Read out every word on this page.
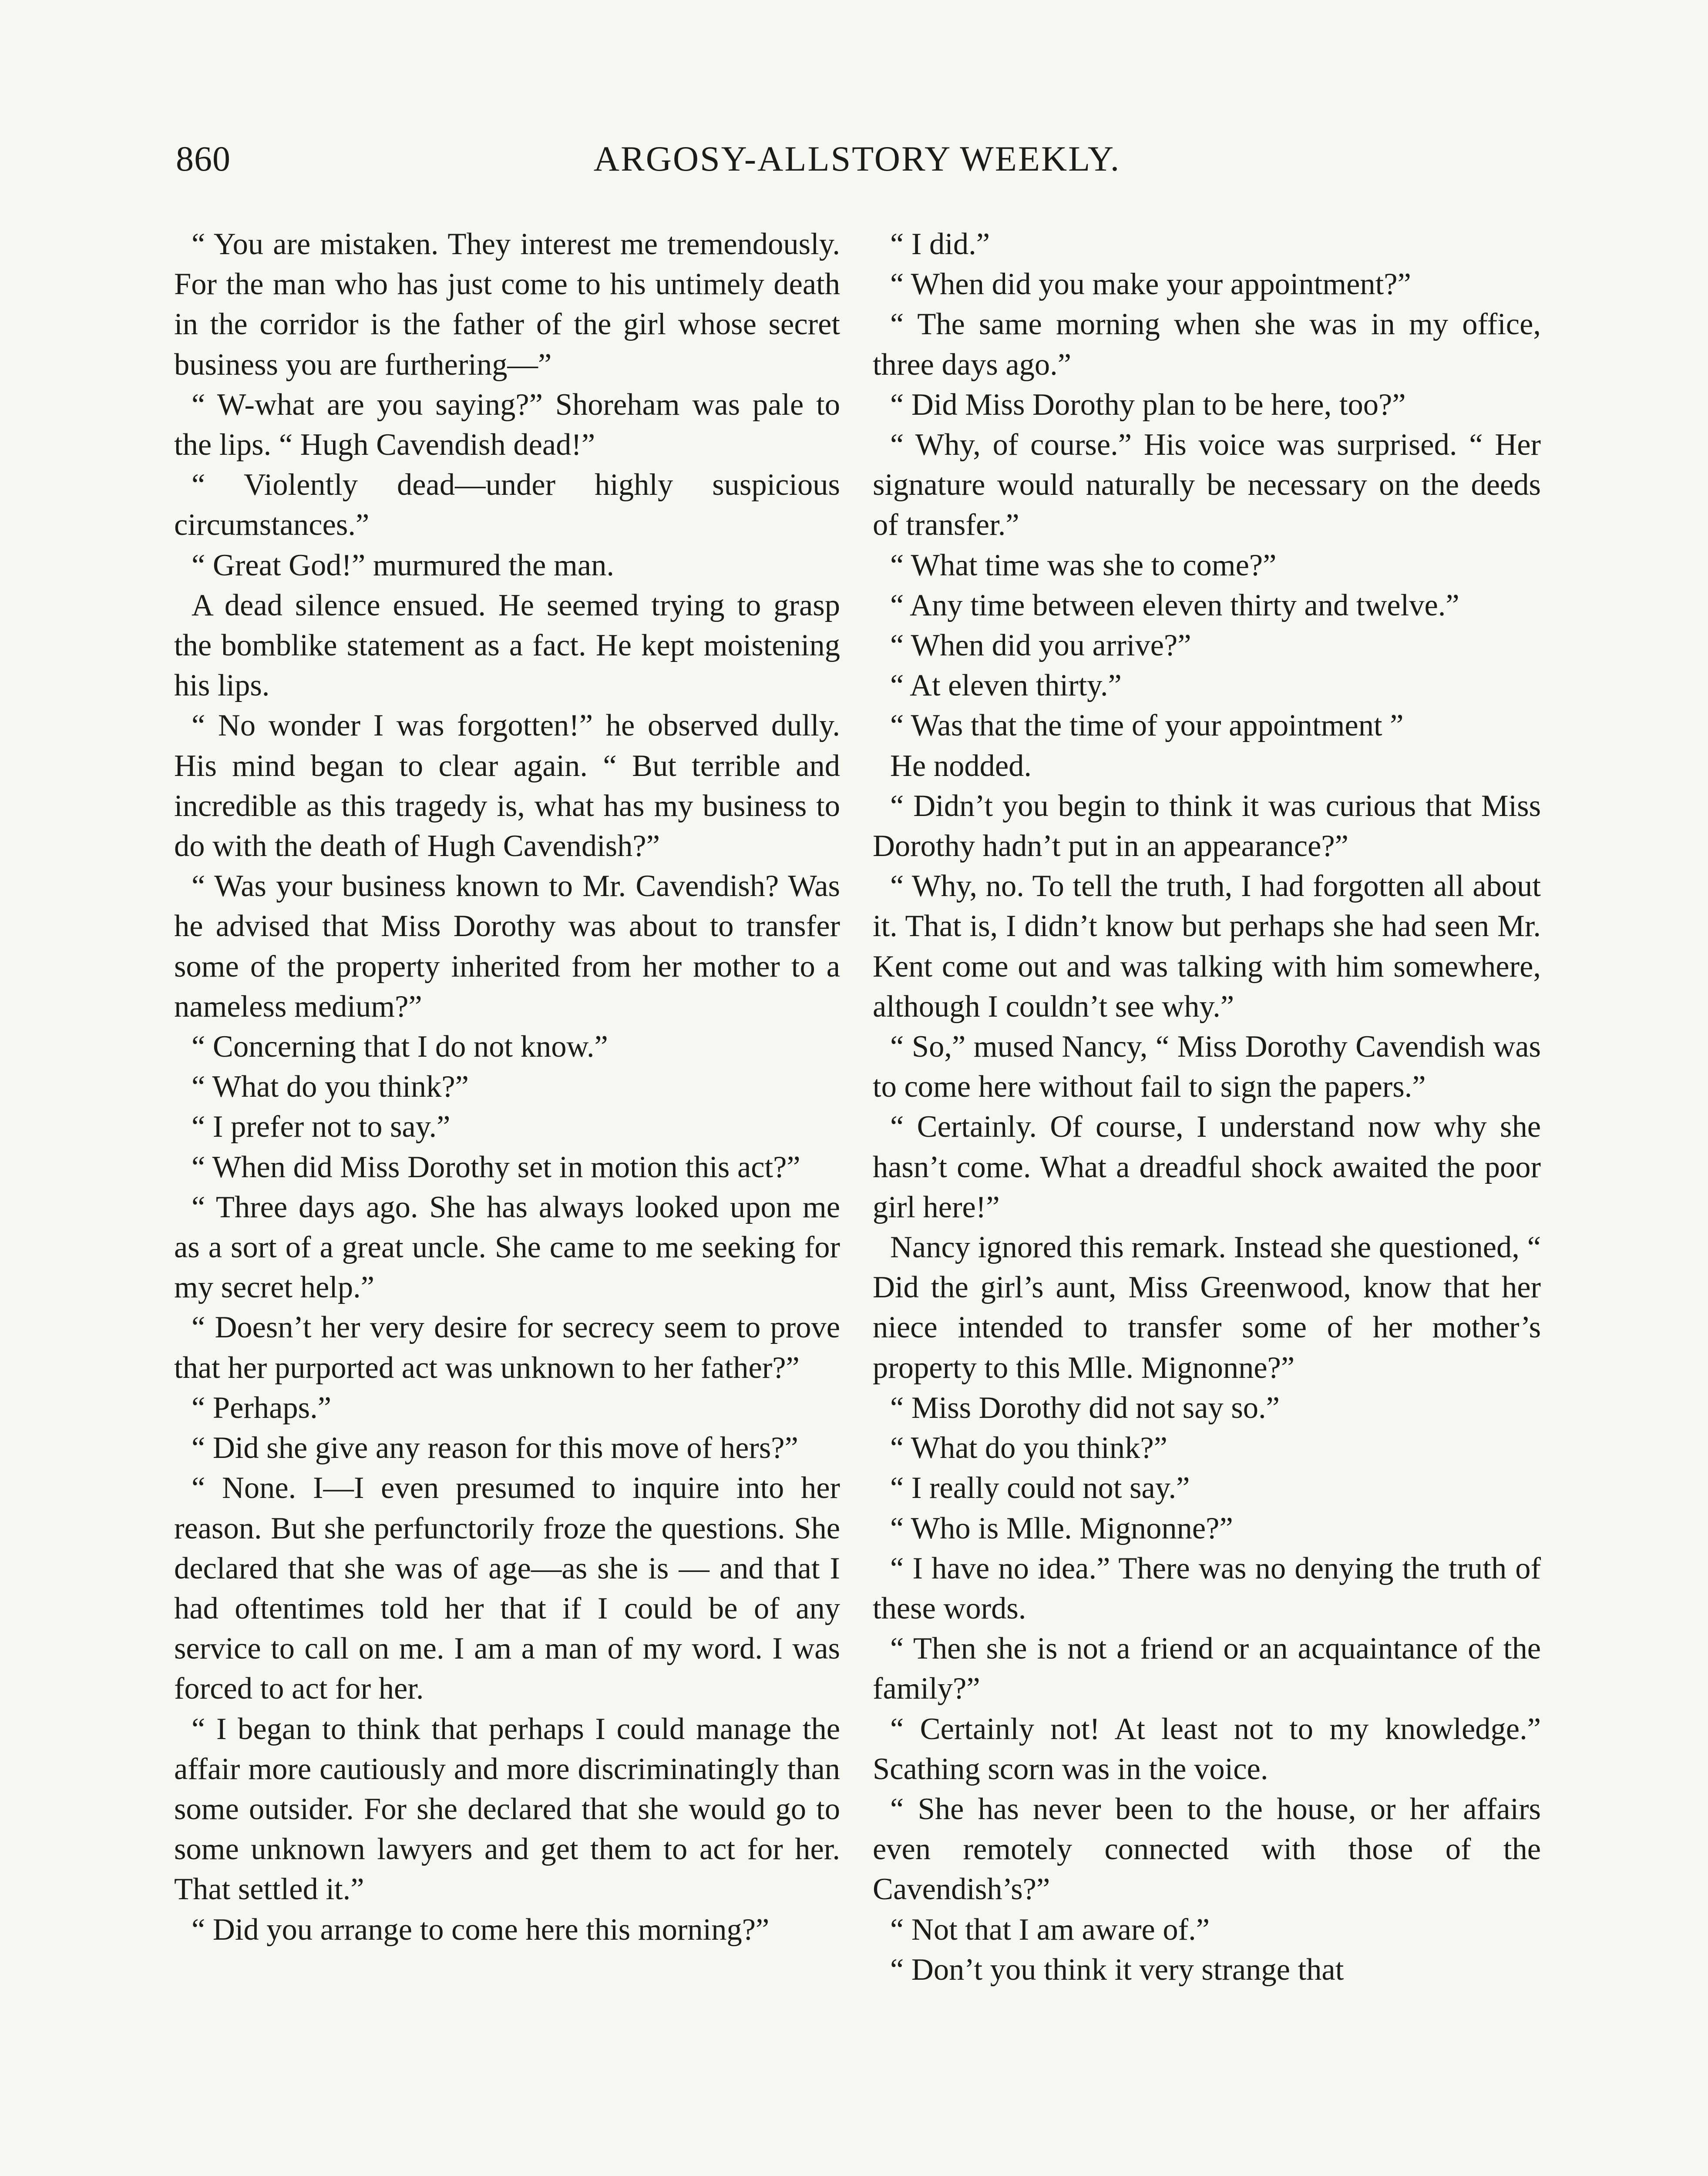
860	ARGOSY-ALLSTORY WEEKLY.

“ You are mistaken. They interest me tremendously. For the man who has just come to his untimely death in the corridor is the father of the girl whose secret business you are furthering—”

“ W-what are you saying?” Shoreham was pale to the lips. “ Hugh Cavendish dead!”

“ Violently dead—under highly suspicious circumstances.”

“ Great God!” murmured the man.

A dead silence ensued. He seemed trying to grasp the bomblike statement as a fact. He kept moistening his lips.

“ No wonder I was forgotten!” he observed dully. His mind began to clear again. “ But terrible and incredible as this tragedy is, what has my business to do with the death of Hugh Cavendish?”

“ Was your business known to Mr. Cavendish? Was he advised that Miss Dorothy was about to transfer some of the property inherited from her mother to a nameless medium?”

“ Concerning that I do not know.”

“ What do you think?”

“ I prefer not to say.”

“ When did Miss Dorothy set in motion this act?”

“ Three days ago. She has always looked upon me as a sort of a great uncle. She came to me seeking for my secret help.”

“ Doesn’t her very desire for secrecy seem to prove that her purported act was unknown to her father?”

“ Perhaps.”

“ Did she give any reason for this move of hers?”

“ None. I—I even presumed to inquire into her reason. But she perfunctorily froze the questions. She declared that she was of age—as she is — and that I had oftentimes told her that if I could be of any service to call on me. I am a man of my word. I was forced to act for her.

“ I began to think that perhaps I could manage the affair more cautiously and more discriminatingly than some outsider. For she declared that she would go to some unknown lawyers and get them to act for her. That settled it.”

“ Did you arrange to come here this morning?”

“ I did.”

“ When did you make your appointment?”

“ The same morning when she was in my office, three days ago.”

“ Did Miss Dorothy plan to be here, too?”

“ Why, of course.” His voice was surprised. “ Her signature would naturally be necessary on the deeds of transfer.”

“ What time was she to come?”

“ Any time between eleven thirty and twelve.”

“ When did you arrive?”

“ At eleven thirty.”

“ Was that the time of your appointment ”

He nodded.

“ Didn’t you begin to think it was curious that Miss Dorothy hadn’t put in an appearance?”

“ Why, no. To tell the truth, I had forgotten all about it. That is, I didn’t know but perhaps she had seen Mr. Kent come out and was talking with him somewhere, although I couldn’t see why.”

“ So,” mused Nancy, “ Miss Dorothy Cavendish was to come here without fail to sign the papers.”

“ Certainly. Of course, I understand now why she hasn’t come. What a dreadful shock awaited the poor girl here!”

Nancy ignored this remark. Instead she questioned, “ Did the girl’s aunt, Miss Greenwood, know that her niece intended to transfer some of her mother’s property to this Mlle. Mignonne?”

“ Miss Dorothy did not say so.”

“ What do you think?”

“ I really could not say.”

“ Who is Mlle. Mignonne?”

“ I have no idea.” There was no denying the truth of these words.

“ Then she is not a friend or an acquaintance of the family?”

“ Certainly not! At least not to my knowledge.” Scathing scorn was in the voice.

“ She has never been to the house, or her affairs even remotely connected with those of the Cavendish’s?”

“ Not that I am aware of.”

“ Don’t you think it very strange that
